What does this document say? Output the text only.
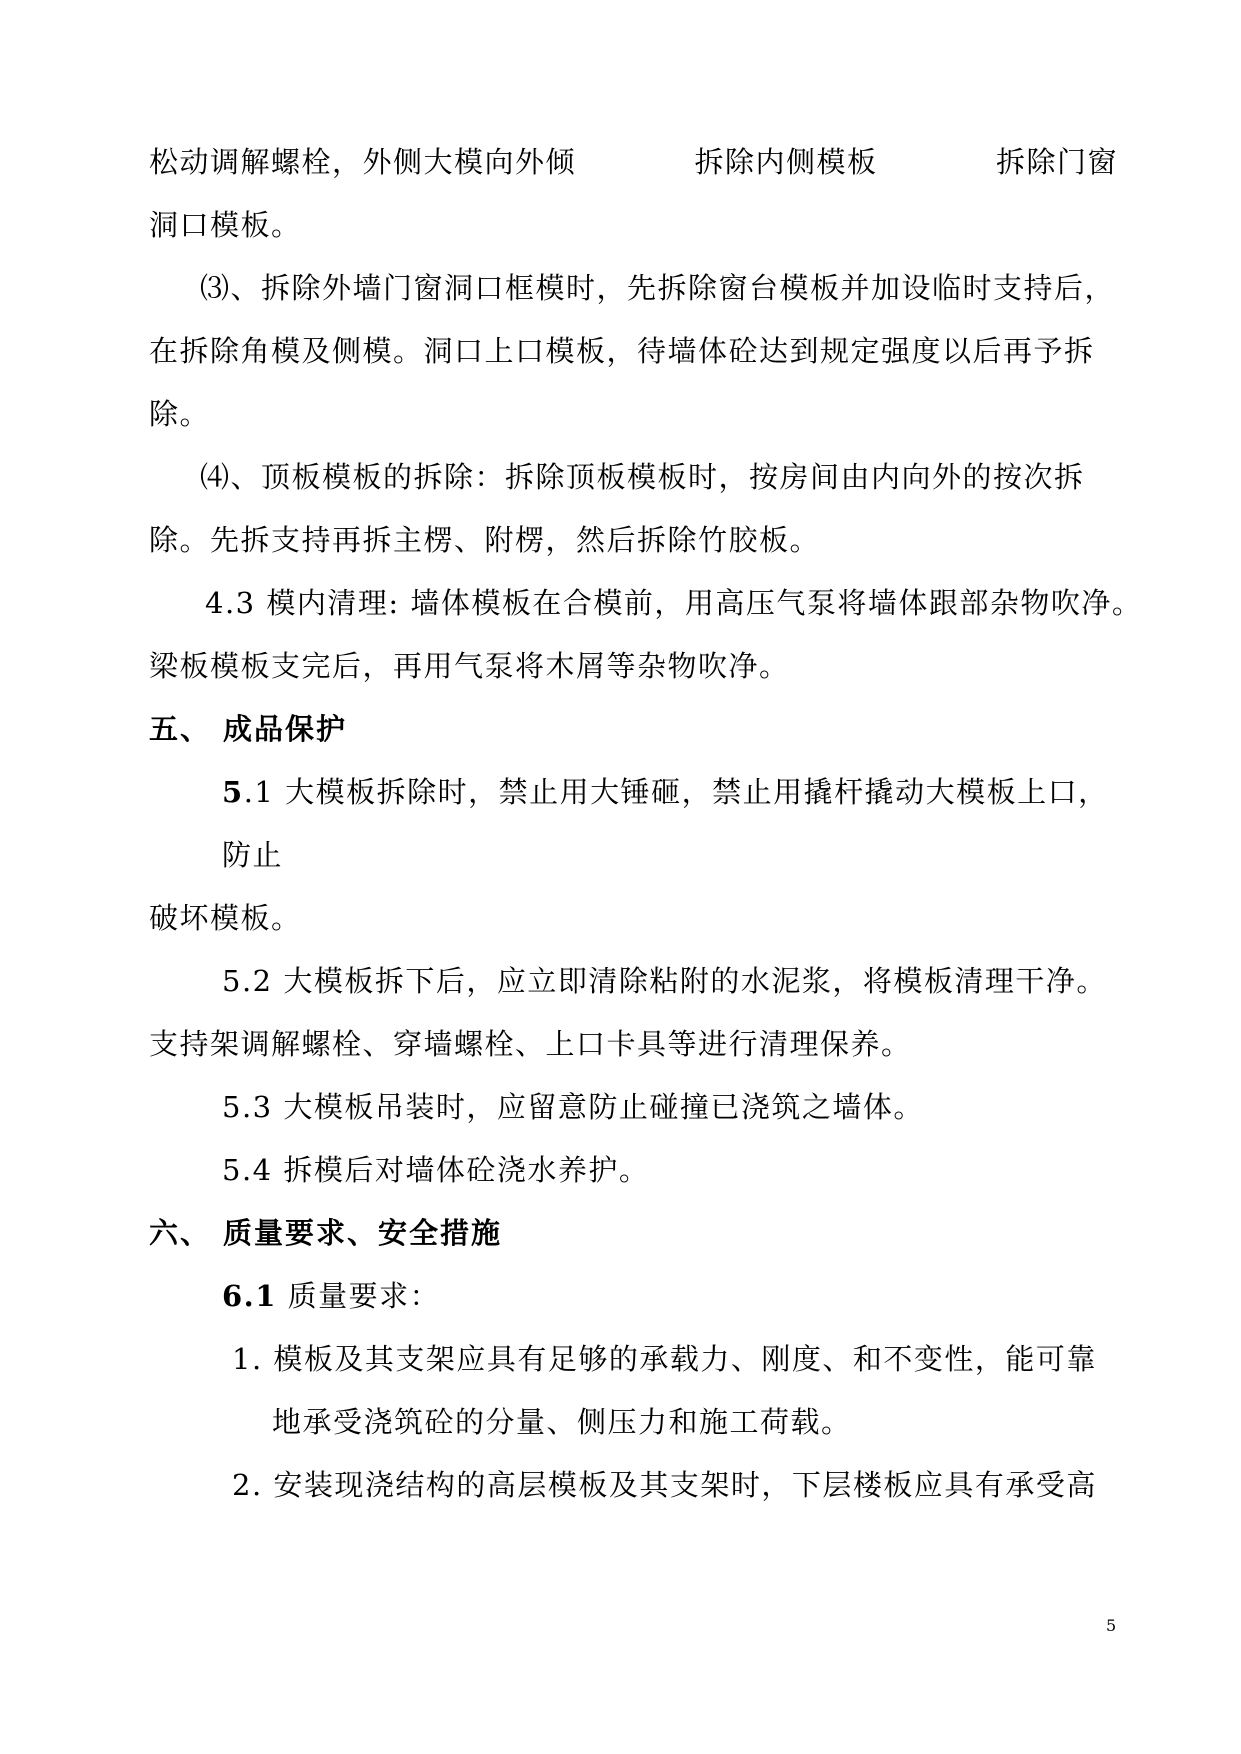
松动调解螺栓，外侧大模向外倾	拆除内侧模板	拆除门窗
洞口模板。
⑶、拆除外墙门窗洞口框模时，先拆除窗台模板并加设临时支持后，
在拆除角模及侧模。洞口上口模板，待墙体砼达到规定强度以后再予拆
除。
⑷、顶板模板的拆除：拆除顶板模板时，按房间由内向外的按次拆
除。先拆支持再拆主楞、附楞，然后拆除竹胶板。
4.3 模内清理: 墙体模板在合模前，用高压气泵将墙体跟部杂物吹净。
梁板模板支完后，再用气泵将木屑等杂物吹净。
五、 成品保护
5.1 大模板拆除时，禁止用大锤砸，禁止用撬杆撬动大模板上口，
防止
破坏模板。
5.2 大模板拆下后，应立即清除粘附的水泥浆，将模板清理干净。
支持架调解螺栓、穿墙螺栓、上口卡具等进行清理保养。
5.3 大模板吊装时，应留意防止碰撞已浇筑之墙体。
5.4 拆模后对墙体砼浇水养护。
六、 质量要求、安全措施
6.1 质量要求：
1. 模板及其支架应具有足够的承载力、刚度、和不变性，能可靠
地承受浇筑砼的分量、侧压力和施工荷载。
2. 安装现浇结构的高层模板及其支架时，下层楼板应具有承受高
5
